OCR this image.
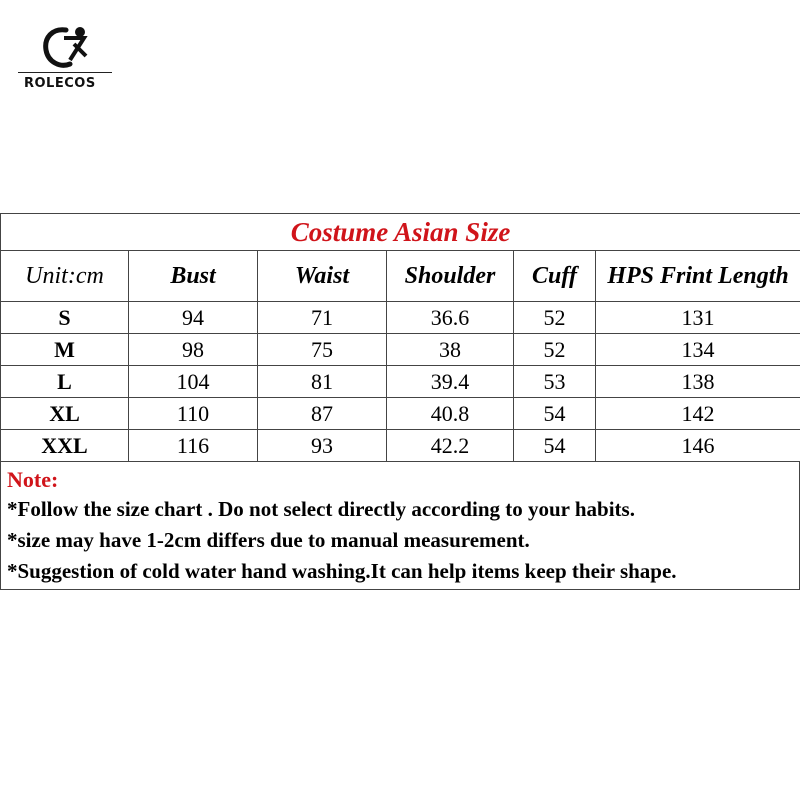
ROLECOS
Costume Asian Size					
Unit:cm	Bust	Waist	Shoulder	Cuff	HPS Frint Length
S	94	71	36.6	52	131
M	98	75	38	52	134
L	104	81	39.4	53	138
XL	110	87	40.8	54	142
XXL	116	93	42.2	54	146
Note:
*Follow the size chart . Do not select directly according to your habits.
*size may have 1-2cm differs due to manual measurement.
*Suggestion of cold water hand washing.It can help items keep their shape.
